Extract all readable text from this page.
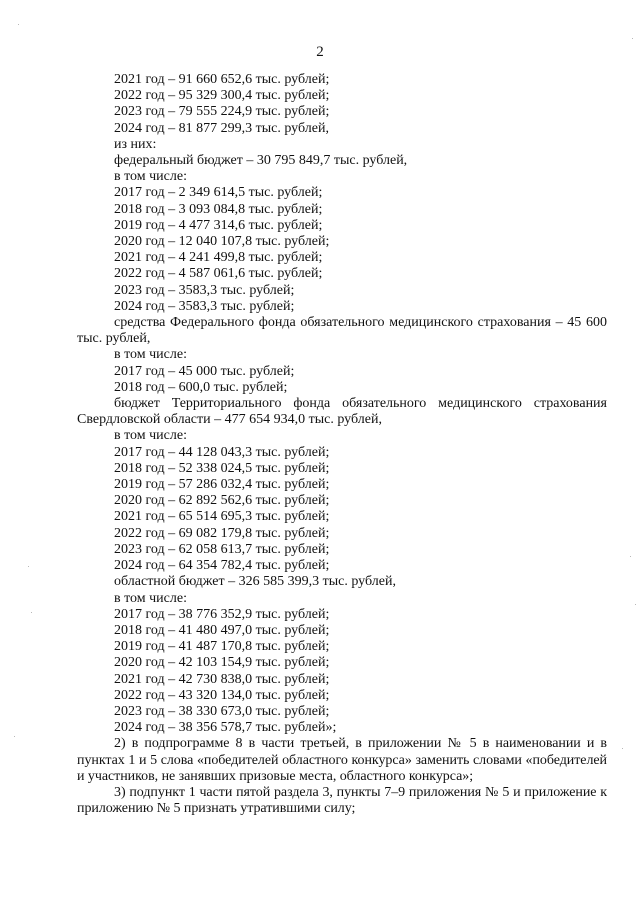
2
2021 год – 91 660 652,6 тыс. рублей;
2022 год – 95 329 300,4 тыс. рублей;
2023 год – 79 555 224,9 тыс. рублей;
2024 год – 81 877 299,3 тыс. рублей,
из них:
федеральный бюджет – 30 795 849,7 тыс. рублей,
в том числе:
2017 год – 2 349 614,5 тыс. рублей;
2018 год – 3 093 084,8 тыс. рублей;
2019 год – 4 477 314,6 тыс. рублей;
2020 год – 12 040 107,8 тыс. рублей;
2021 год – 4 241 499,8 тыс. рублей;
2022 год – 4 587 061,6 тыс. рублей;
2023 год – 3583,3 тыс. рублей;
2024 год – 3583,3 тыс. рублей;

средства Федерального фонда обязательного медицинского страхования – 45 600 тыс. рублей,

в том числе:
2017 год – 45 000 тыс. рублей;
2018 год – 600,0 тыс. рублей;

бюджет Территориального фонда обязательного медицинского страхования Свердловской области – 477 654 934,0 тыс. рублей,

в том числе:
2017 год – 44 128 043,3 тыс. рублей;
2018 год – 52 338 024,5 тыс. рублей;
2019 год – 57 286 032,4 тыс. рублей;
2020 год – 62 892 562,6 тыс. рублей;
2021 год – 65 514 695,3 тыс. рублей;
2022 год – 69 082 179,8 тыс. рублей;
2023 год – 62 058 613,7 тыс. рублей;
2024 год – 64 354 782,4 тыс. рублей;
областной бюджет – 326 585 399,3 тыс. рублей,
в том числе:
2017 год – 38 776 352,9 тыс. рублей;
2018 год – 41 480 497,0 тыс. рублей;
2019 год – 41 487 170,8 тыс. рублей;
2020 год – 42 103 154,9 тыс. рублей;
2021 год – 42 730 838,0 тыс. рублей;
2022 год – 43 320 134,0 тыс. рублей;
2023 год – 38 330 673,0 тыс. рублей;
2024 год – 38 356 578,7 тыс. рублей»;

2) в подпрограмме 8 в части третьей, в приложении № 5 в наименовании и в пунктах 1 и 5 слова «победителей областного конкурса» заменить словами «победителей и участников, не занявших призовые места, областного конкурса»;

3) подпункт 1 части пятой раздела 3, пункты 7–9 приложения № 5 и приложение к приложению № 5 признать утратившими силу;
